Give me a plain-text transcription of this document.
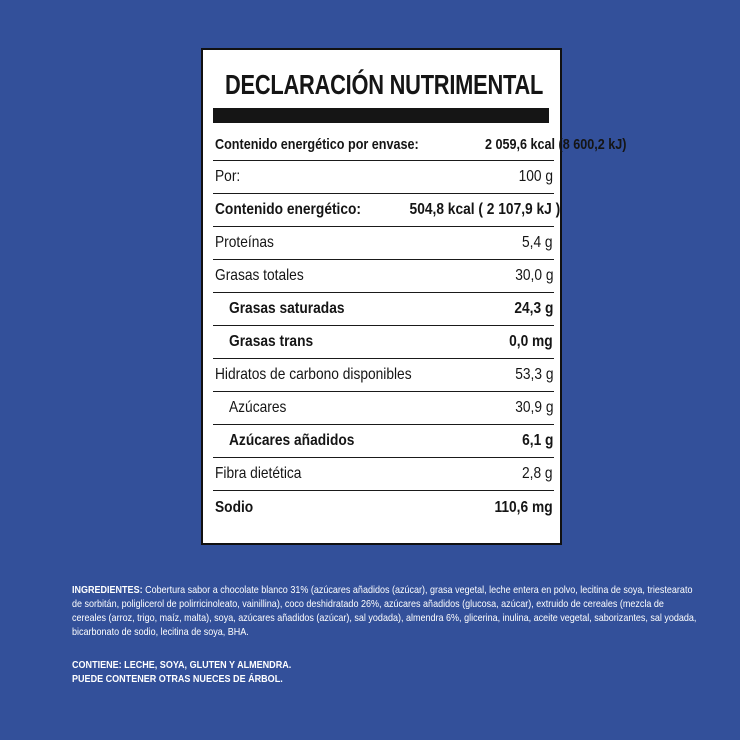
DECLARACIÓN NUTRIMENTAL
Contenido energético por envase:	2 059,6 kcal (8 600,2 kJ)
Por:	100 g
Contenido energético:	504,8 kcal ( 2 107,9 kJ )
Proteínas	5,4 g
Grasas totales	30,0 g
Grasas saturadas	24,3 g
Grasas trans	0,0 mg
Hidratos de carbono disponibles	53,3 g
Azúcares	30,9 g
Azúcares añadidos	6,1 g
Fibra dietética	2,8 g
Sodio	110,6 mg
INGREDIENTES: Cobertura sabor a chocolate blanco 31% (azúcares añadidos (azúcar), grasa vegetal, leche entera en polvo, lecitina de soya, triestearato de sorbitán, poliglicerol de polirricinoleato, vainillina), coco deshidratado 26%, azúcares añadidos (glucosa, azúcar), extruido de cereales (mezcla de cereales (arroz, trigo, maíz, malta), soya, azúcares añadidos (azúcar), sal yodada), almendra 6%, glicerina, inulina, aceite vegetal, saborizantes, sal yodada, bicarbonato de sodio, lecitina de soya, BHA.
CONTIENE: LECHE, SOYA, GLUTEN Y ALMENDRA.
PUEDE CONTENER OTRAS NUECES DE ÁRBOL.
